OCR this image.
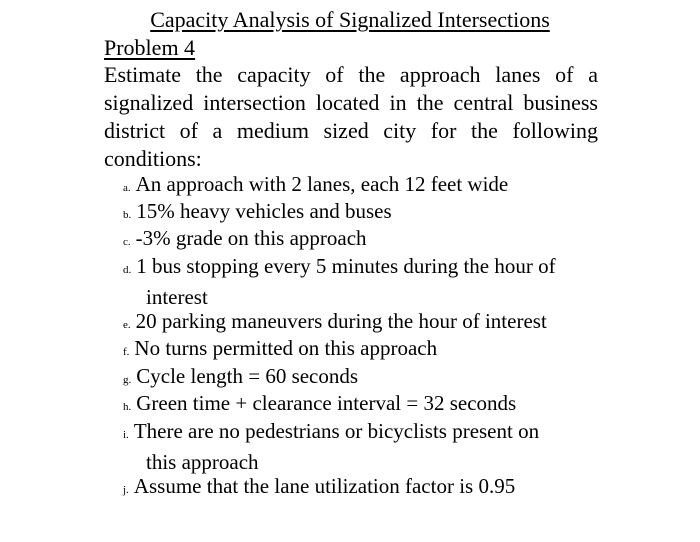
Capacity Analysis of Signalized Intersections
Problem 4
Estimate the capacity of the approach lanes of a signalized intersection located in the central business district of a medium sized city for the following conditions:
a. An approach with 2 lanes, each 12 feet wide
b. 15% heavy vehicles and buses
c. -3% grade on this approach
d. 1 bus stopping every 5 minutes during the hour of
interest
e. 20 parking maneuvers during the hour of interest
f. No turns permitted on this approach
g. Cycle length = 60 seconds
h. Green time + clearance interval = 32 seconds
i. There are no pedestrians or bicyclists present on
this approach
j. Assume that the lane utilization factor is 0.95
